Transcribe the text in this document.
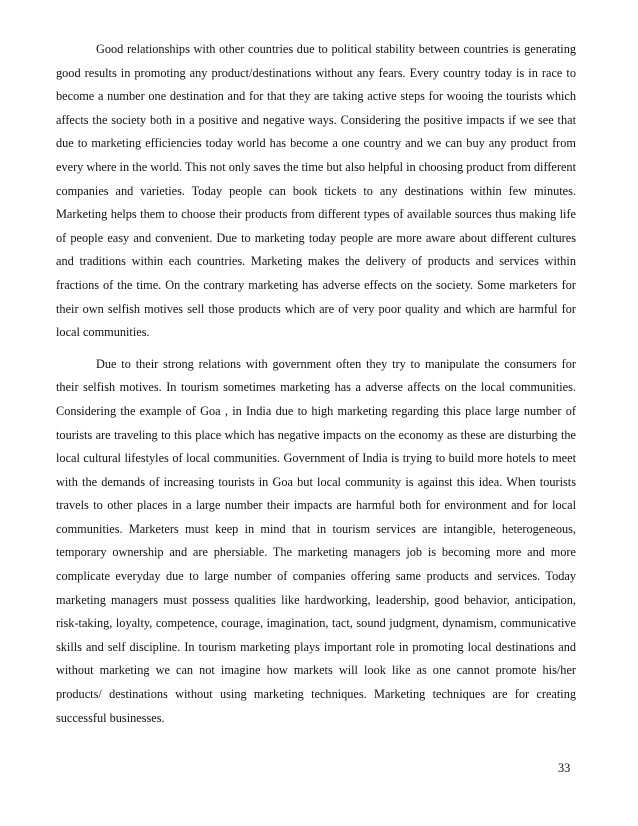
Good relationships with other countries due to political stability between countries is generating good results in promoting any product/destinations without any fears. Every country today is in race to become a number one destination and for that they are taking active steps for wooing the tourists which affects the society both in a positive and negative ways. Considering the positive impacts if we see that due to marketing efficiencies today world has become a one country and we can buy any product from every where in the world. This not only saves the time but also helpful in choosing product from different companies and varieties. Today people can book tickets to any destinations within few minutes. Marketing helps them to choose their products from different types of available sources thus making life of people easy and convenient. Due to marketing today people are more aware about different cultures and traditions within each countries. Marketing makes the delivery of products and services within fractions of the time. On the contrary marketing has adverse effects on the society. Some marketers for their own selfish motives sell those products which are of very poor quality and which are harmful for local communities.

Due to their strong relations with government often they try to manipulate the consumers for their selfish motives. In tourism sometimes marketing has a adverse affects on the local communities. Considering the example of Goa , in India due to high marketing regarding this place large number of tourists are traveling to this place which has negative impacts on the economy as these are disturbing the local cultural lifestyles of local communities. Government of India is trying to build more hotels to meet with the demands of increasing tourists in Goa but local community is against this idea. When tourists travels to other places in a large number their impacts are harmful both for environment and for local communities. Marketers must keep in mind that in tourism services are intangible, heterogeneous, temporary ownership and are phersiable. The marketing managers job is becoming more and more complicate everyday due to large number of companies offering same products and services. Today marketing managers must possess qualities like hardworking, leadership, good behavior, anticipation, risk-taking, loyalty, competence, courage, imagination, tact, sound judgment, dynamism, communicative skills and self discipline. In tourism marketing plays important role in promoting local destinations and without marketing we can not imagine how markets will look like as one cannot promote his/her products/ destinations without using marketing techniques. Marketing techniques are for creating successful businesses.

33
